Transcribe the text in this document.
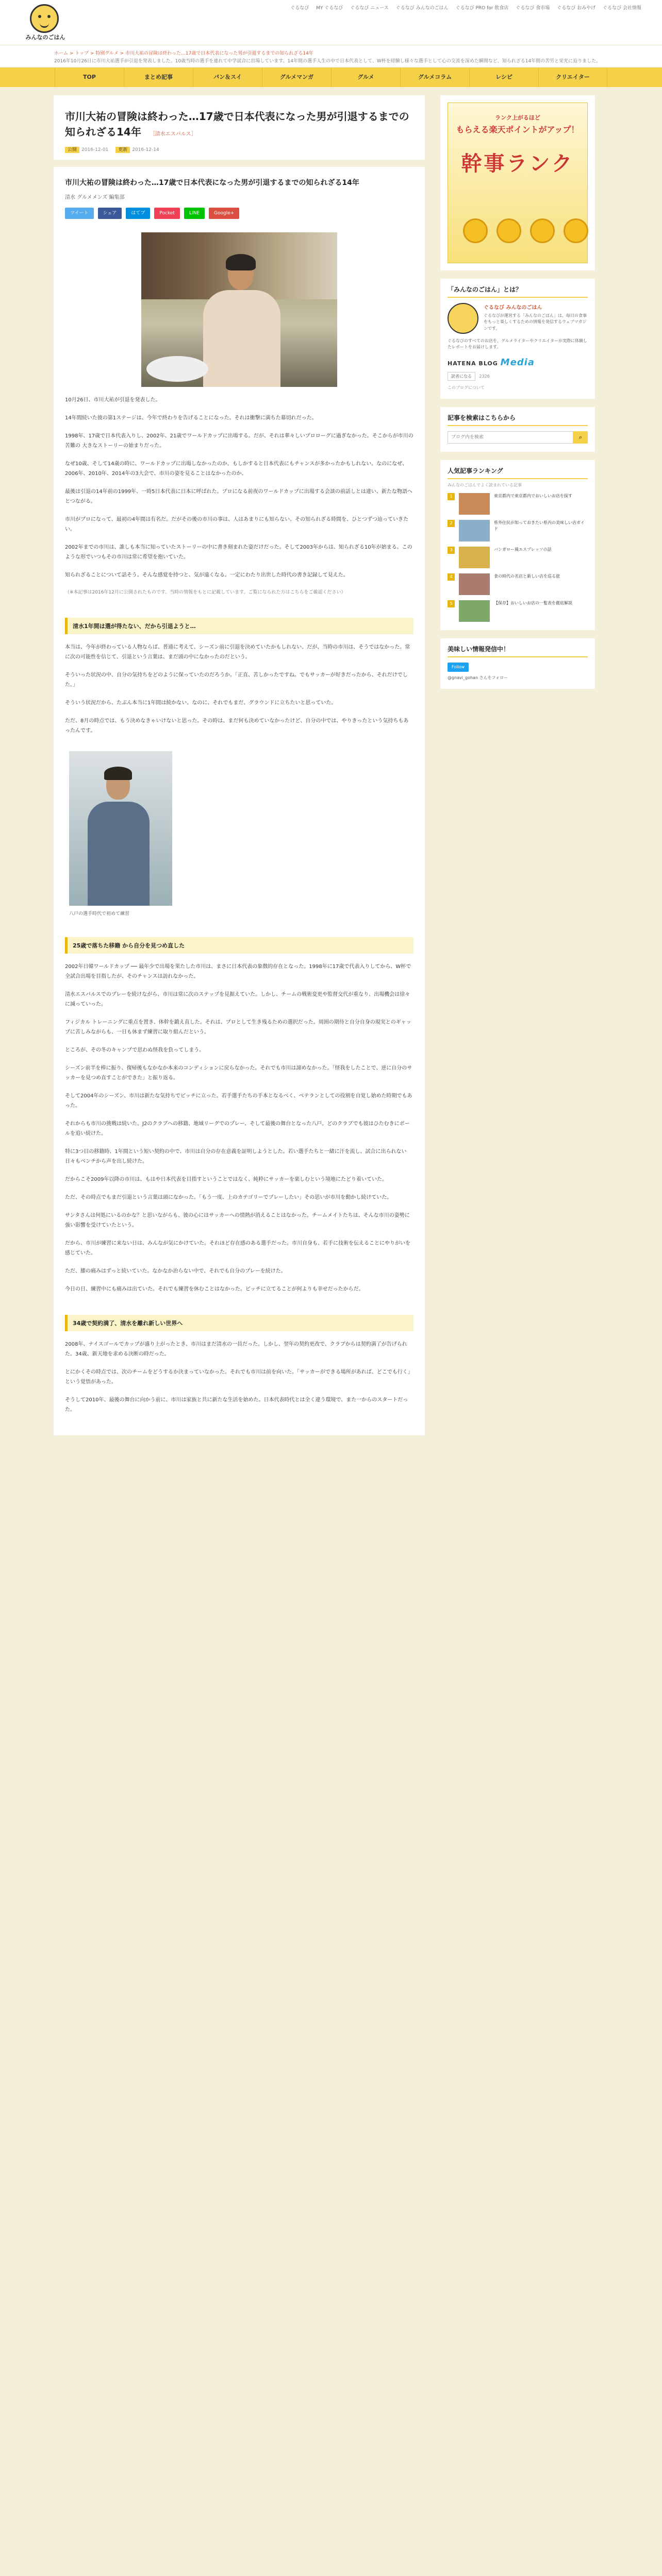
みんなのごはん
ぐるなび MY ぐるなび ぐるなび ニュース ぐるなび みんなのごはん ぐるなび PRO for 飲食店 ぐるなび 食市場 ぐるなび おみやげ ぐるなび 会社情報
ホーム > トップ > 特別グルメ > 市川大祐の冒険は終わった…17歳で日本代表になった男が引退するまでの知られざる14年
2016年10月26日に市川大祐選手が引退を発表しました。10歳当時の選手を連れて中学試合に出場しています。14年間の選手人生の中で日本代表として、W杯を経験し様々な選手として心の交流を深めた瞬間など、知られざる14年間の苦労と栄光に迫りました。
TOP	まとめ記事	パン＆スイ	グルメマンガ	グルメ	グルメコラム	レシピ	クリエイター
市川大祐の冒険は終わった…17歳で日本代表になった男が引退するまでの知られざる14年 ［清水エスパルス］
公開 2016-12-01	更新 2016-12-14
市川大祐の冒険は終わった…17歳で日本代表になった男が引退するまでの知られざる14年
清水 グルメメンズ 編集部
ツイート	シェア	はてブ	Pocket	LINE	Google+

10月26日、市川大祐が引退を発表した。

14年間続いた彼の第1ステージは、今年で終わりを告げることになった。それは衝撃に満ちた幕切れだった。

1998年、17歳で日本代表入りし、2002年、21歳でワールドカップに出場する。だが、それは華々しいプロローグに過ぎなかった。そこからが市川の苦難の 大きなストーリーの始まりだった。

なぜ10歳、そして14歳の時に、ワールドカップに出場しなかったのか。もしかすると日本代表にもチャンスが多かったかもしれない。なのになぜ、2006年、2010年、2014年の3大会で、市川の姿を見ることはなかったのか。

最後は引退の14年前の1999年、一時5日本代表に日本に呼ばれた。プロになる前夜のワールドカップに出場する会談の前話しとは違い、新たな物語へとつながる。

市川がプロになって、最初の4年間は有名だ。だがその後の市川の事は、人はあまりにも知らない。その知られざる時間を、ひとつずつ辿っていきたい。

2002年までの市川は、誰しも本当に知っていたストーリーの中に書き刻まれた姿だけだった。そして2003年からは、知られざる10年が始まる。このような形でいつもその市川は常に希望を抱いていた。

知られざることについて話そう。そんな感覚を持つと、気が遠くなる。一定にわたり出世した時代の書き記録して見えた。

（※本記事は2016年12月に公開されたものです。当時の情報をもとに記載しています。ご覧になられた方はこちらをご確認ください）

清水1年間は選が得たない、だから引退ようと…

本当は、今年が終わっている人物ならば、普通に考えて、シーズン前に引退を決めていたかもしれない。だが、当時の市川は、そうではなかった。常に次の可能性を信じて、引退という言葉は、まだ頭の中になかったのだという。

そういった状況の中、自分の気持ちをどのように保っていたのだろうか。「正直、苦しかったですね。でもサッカーが好きだったから、それだけでした。」

そういう状況だから、たぶん本当に1年間は続かない。なのに、それでもまだ、グラウンドに立ちたいと思っていた。

ただ、8月の時点では、もう決めなきゃいけないと思った。その時は、まだ何も決めていなかったけど、自分の中では、やりきったという気持ちもあったんです。

八戸の選手時代で初めて練習
25歳で落ちた移籍 から自分を見つめ直した

2002年日韓ワールドカップ ── 最年少で出場を果たした市川は、まさに日本代表の象徴的存在となった。1998年に17歳で代表入りしてから、W杯で全試合出場を目指したが、そのチャンスは訪れなかった。

清水エスパルスでのプレーを続けながら、市川は常に次のステップを見据えていた。しかし、チームの戦術変更や監督交代が重なり、出場機会は徐々に減っていった。

フィジカル トレーニングに重点を置き、体幹を鍛え直した。それは、プロとして生き残るための選択だった。周囲の期待と自分自身の現実とのギャップに苦しみながらも、一日も休まず練習に取り組んだという。

ところが、その冬のキャンプで思わぬ怪我を負ってしまう。

シーズン前半を棒に振り、復帰後もなかなか本来のコンディションに戻らなかった。それでも市川は諦めなかった。「怪我をしたことで、逆に自分のサッカーを見つめ直すことができた」と振り返る。

そして2004年のシーズン、市川は新たな気持ちでピッチに立った。若手選手たちの手本となるべく、ベテランとしての役割を自覚し始めた時期でもあった。

それからも市川の挑戦は続いた。J2のクラブへの移籍、地域リーグでのプレー、そして最後の舞台となった八戸。どのクラブでも彼はひたむきにボールを追い続けた。

特に3つ目の移籍時、1年間という短い契約の中で、市川は自分の存在意義を証明しようとした。若い選手たちと一緒に汗を流し、試合に出られない日々もベンチから声を出し続けた。

だからこそ2009年以降の市川は、もはや日本代表を目指すということではなく、純粋にサッカーを楽しむという境地にたどり着いていた。

ただ、その時点でもまだ引退という言葉は頭になかった。「もう一度、上のカテゴリーでプレーしたい」その思いが市川を動かし続けていた。

サンタさんは何処にいるのかな？と思いながらも、彼の心にはサッカーへの情熱が消えることはなかった。チームメイトたちは、そんな市川の姿勢に強い影響を受けていたという。

だから、市川が練習に来ない日は、みんなが気にかけていた。それほど存在感のある選手だった。市川自身も、若手に技術を伝えることにやりがいを感じていた。

ただ、膝の痛みはずっと続いていた。なかなか治らない中で、それでも自分のプレーを続けた。

今日の日、練習中にも痛みは出ていた。それでも練習を休むことはなかった。ピッチに立てることが何よりも幸せだったからだ。

34歳で契約満了、清水を離れ新しい世界へ

2008年、ナイスゴールでカップが盛り上がったとき、市川はまだ清水の一員だった。しかし、翌年の契約更改で、クラブからは契約満了が告げられた。34歳、新天地を求める決断の時だった。

とにかくその時点では、次のチームをどうするか決まっていなかった。それでも市川は前を向いた。「サッカーができる場所があれば、どこでも行く」という覚悟があった。

そうして2010年、最後の舞台に向かう前に、市川は家族と共に新たな生活を始めた。日本代表時代とは全く違う環境で、また一からのスタートだった。

ランク上がるほど
もらえる楽天ポイントがアップ！
幹事ランク
「みんなのごはん」とは？
ぐるなび みんなのごはん
ぐるなびが運営する「みんなのごはん」は、毎日の食事をもっと楽しくするための情報を発信するウェブマガジンです。
ぐるなびのすべてのお店を、グルメライターやクリエイターが実際に体験したレポートをお届けします。
HATENA BLOG Media
読者になる 2326
このブログについて
記事を検索はこちらから
ブログ内を検索
⌕
人気記事ランキング
みんなのごはんでよく読まれている記事
1	東京都内で東京都内でおいしいお店を探す
2	県外住民が知っておきたい県内の美味しい店ガイド
3	バンガロー風エスプレッソの話
4	食の時代の名店と新しい店を巡る旅
5	【保存】おいしいお店の一覧表を徹底解説
美味しい情報発信中！
Follow
@gnavi_gohan さんをフォロー
